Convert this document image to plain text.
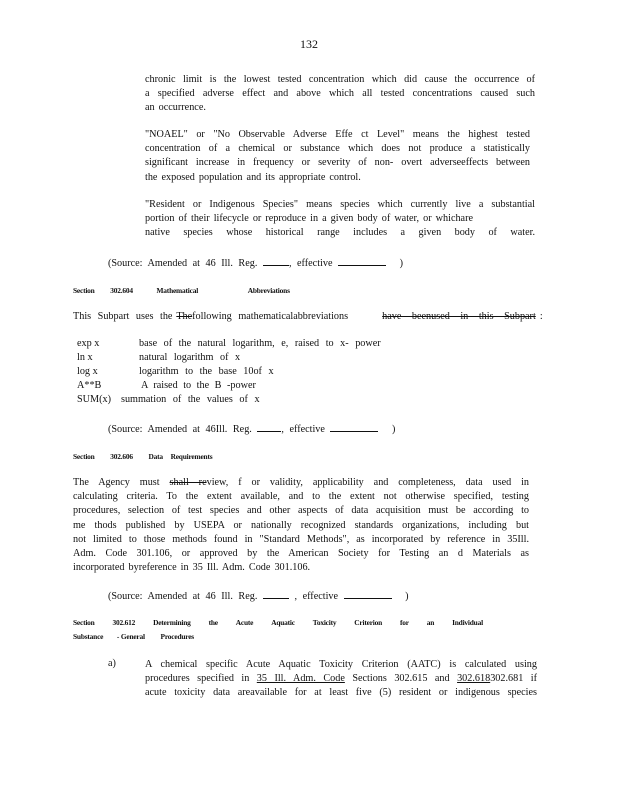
132
chronic limit is the lowest tested concentration which did cause the occurrence of
a specified adverse effect and above which all tested concentrations caused such
an occurrence.
"NOAEL" or "No Observable Adverse Effe ct Level" means the highest tested
concentration of a chemical or substance which does not produce a statistically
significant increase in frequency or severity of non- overt adverseeffects between
the exposed population and its appropriate control.
"Resident or Indigenous Species" means species which currently live a substantial
portion of their lifecycle or reproduce in a given body of water, or whichare
native species whose historical range includes a given body of water.
(Source: Amended at 46 Ill. Reg.	, effective	)
Section 302.604	Mathematical	Abbreviations
This Subpart uses the Thefollowing mathematicalabbreviations	have beenused in this Subpart :
exp x	base of the natural logarithm, e, raised to x- power
ln x	natural logarithm of x
log x	logarithm to the base 10of x
A**B	A raised to the B -power
SUM(x) summation of the values of x
(Source: Amended at 46Ill. Reg.	, effective	)
Section 302.606 Data Requirements
The Agency must shall review, f or validity, applicability and completeness, data used in
calculating criteria. To the extent available, and to the extent not otherwise specified, testing
procedures, selection of test species and other aspects of data acquisition must be according to
me thods published by USEPA or nationally recognized standards organizations, including but
not limited to those methods found in "Standard Methods", as incorporated by reference in 35Ill.
Adm. Code 301.106, or approved by the American Society for Testing an d Materials as
incorporated byreference in 35 Ill. Adm. Code 301.106.
(Source: Amended at 46 Ill. Reg.	, effective	)
Section 302.612 Determining the Acute Aquatic Toxicity Criterion for an Individual
Substance - General Procedures
a)	A chemical specific Acute Aquatic Toxicity Criterion (AATC) is calculated using
procedures specified in 35 Ill. Adm. Code Sections 302.615 and 302.618302.681 if
acute toxicity data areavailable for at least five (5) resident or indigenous species
